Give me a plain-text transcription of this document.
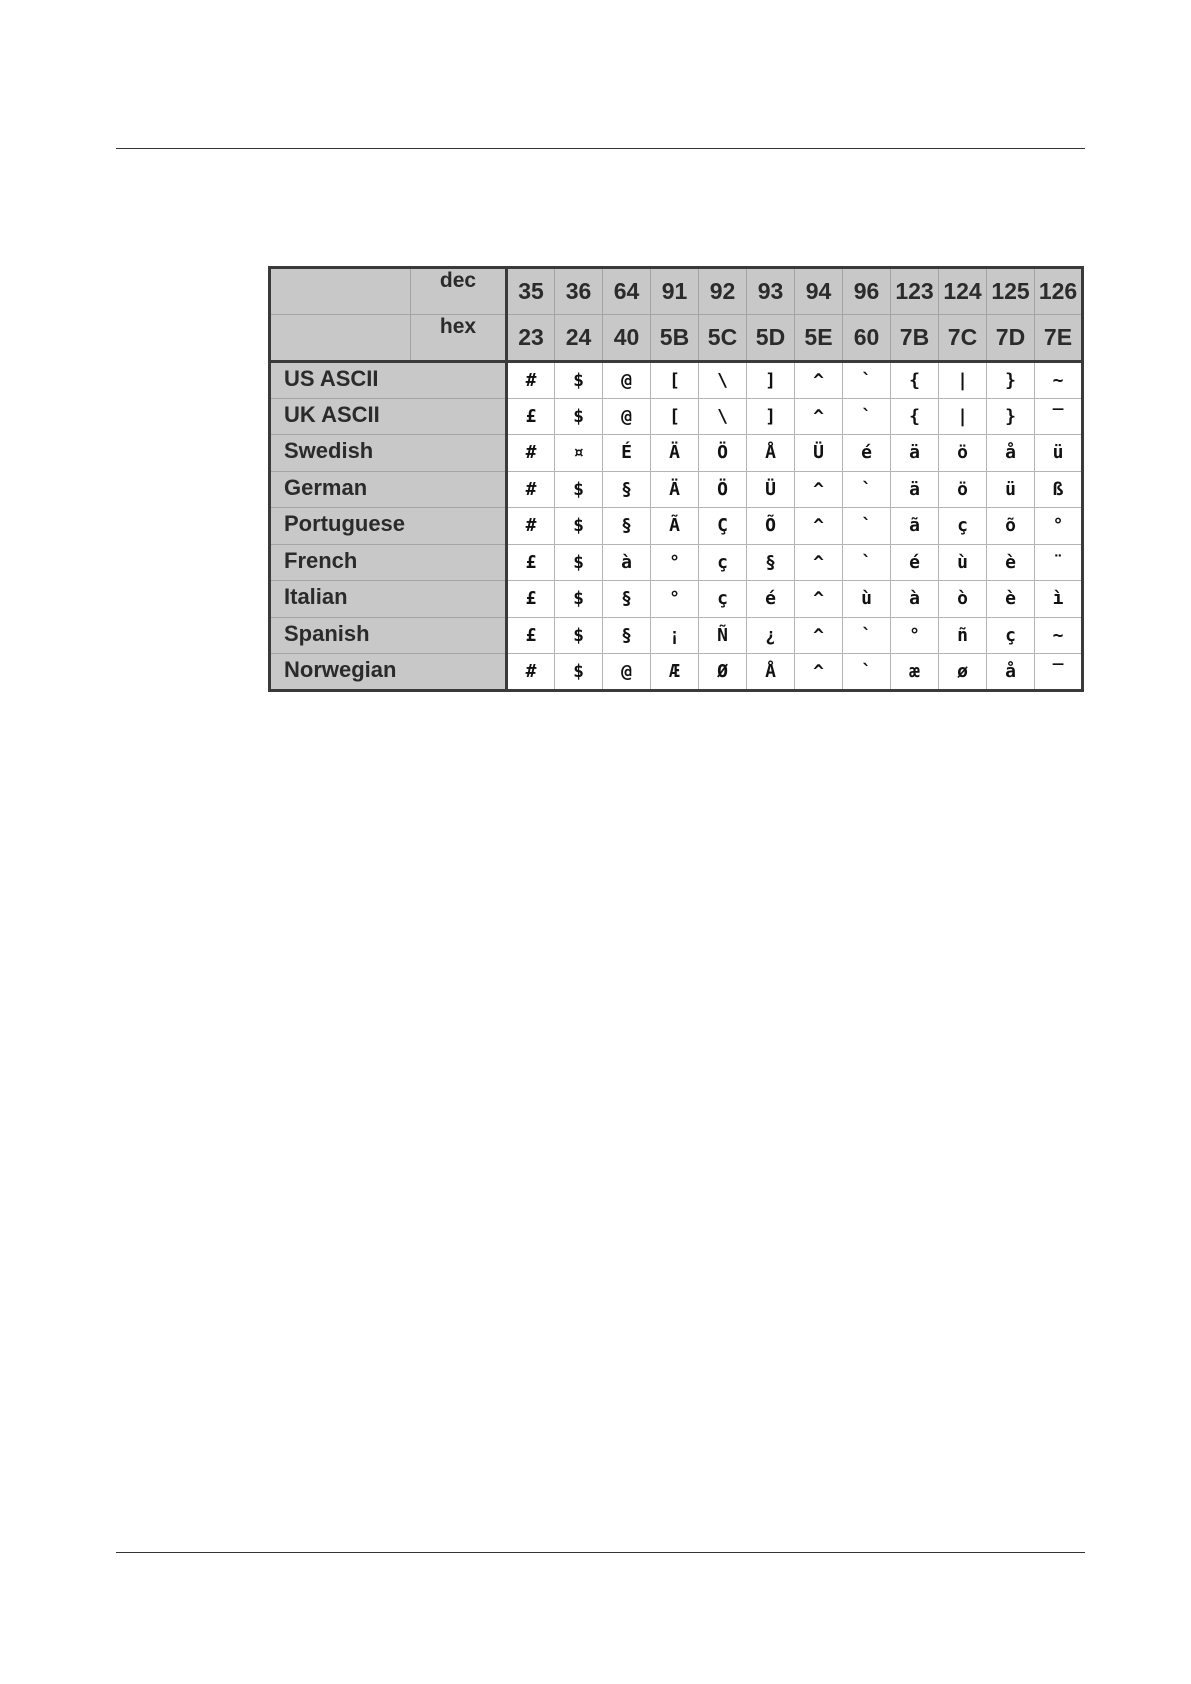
	dec	35	36	64	91	92	93	94	96	123	124	125	126
	hex	23	24	40	5B	5C	5D	5E	60	7B	7C	7D	7E
US ASCII		#	$	@	[	\	]	^	`	{	|	}	~
UK ASCII		£	$	@	[	\	]	^	`	{	|	}	‾
Swedish		#	¤	É	Ä	Ö	Å	Ü	é	ä	ö	å	ü
German		#	$	§	Ä	Ö	Ü	^	`	ä	ö	ü	ß
Portuguese		#	$	§	Ã	Ç	Õ	^	`	ã	ç	õ	°
French		£	$	à	°	ç	§	^	`	é	ù	è	¨
Italian		£	$	§	°	ç	é	^	ù	à	ò	è	ì
Spanish		£	$	§	¡	Ñ	¿	^	`	°	ñ	ç	~
Norwegian		#	$	@	Æ	Ø	Å	^	`	æ	ø	å	‾
